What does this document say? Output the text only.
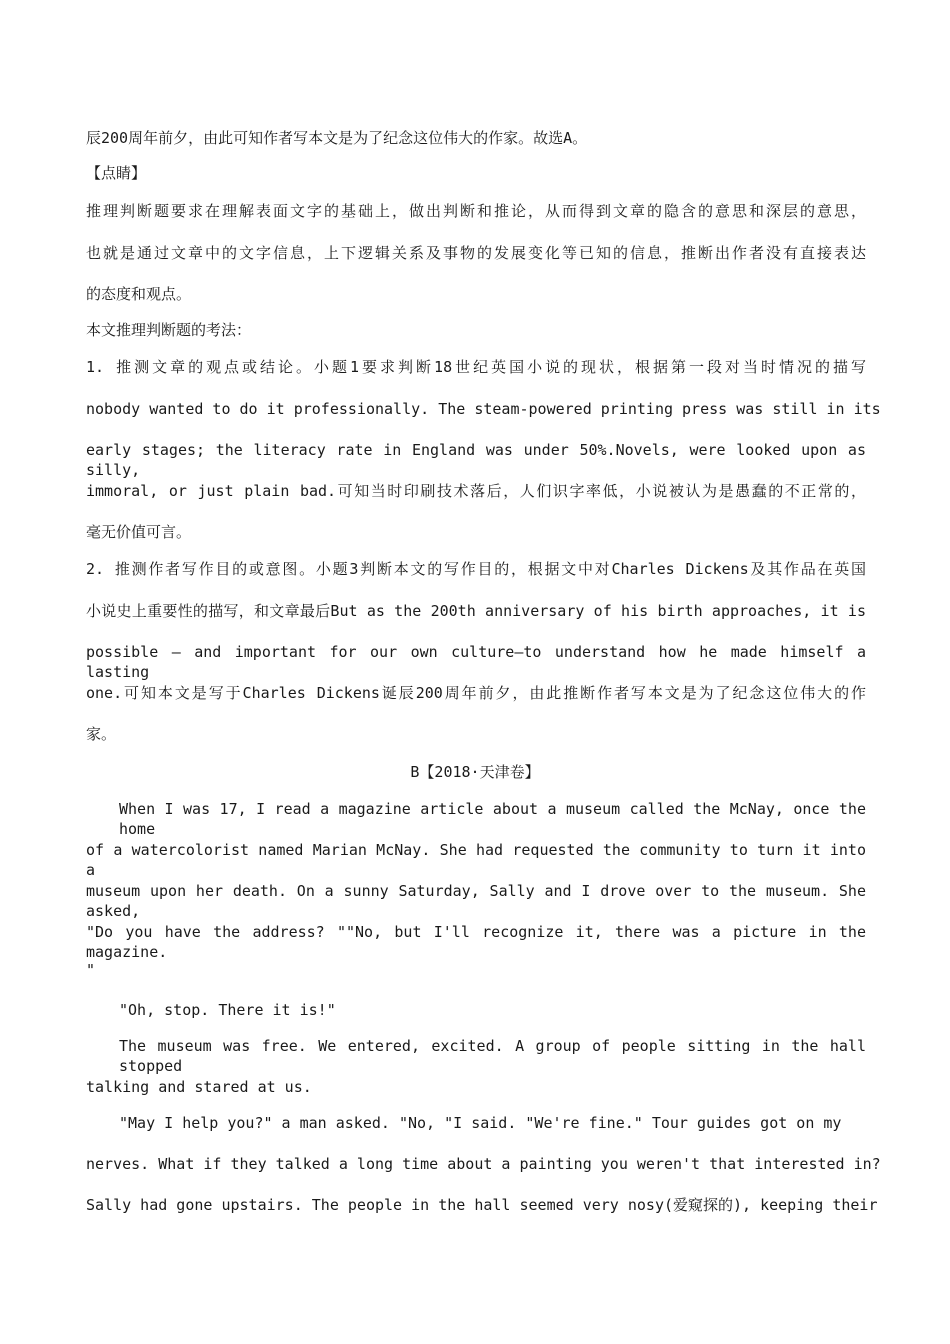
辰200周年前夕，由此可知作者写本文是为了纪念这位伟大的作家。故选A。
【点睛】
推理判断题要求在理解表面文字的基础上，做出判断和推论，从而得到文章的隐含的意思和深层的意思，
也就是通过文章中的文字信息，上下逻辑关系及事物的发展变化等已知的信息，推断出作者没有直接表达
的态度和观点。
本文推理判断题的考法：
1. 推测文章的观点或结论。小题1要求判断18世纪英国小说的现状，根据第一段对当时情况的描写
nobody wanted to do it professionally. The steam-powered printing press was still in its
early stages; the literacy rate in England was under 50%.Novels, were looked upon as silly,
immoral, or just plain bad.可知当时印刷技术落后，人们识字率低，小说被认为是愚蠢的不正常的，
毫无价值可言。
2. 推测作者写作目的或意图。小题3判断本文的写作目的，根据文中对Charles Dickens及其作品在英国
小说史上重要性的描写，和文章最后But as the 200th anniversary of his birth approaches, it is
possible — and important for our own culture—to understand how he made himself a lasting
one.可知本文是写于Charles Dickens诞辰200周年前夕，由此推断作者写本文是为了纪念这位伟大的作
家。
B【2018·天津卷】
When I was 17, I read a magazine article about a museum called the McNay, once the home
of a watercolorist named Marian McNay. She had requested the community to turn it into a
museum upon her death. On a sunny Saturday, Sally and I drove over to the museum. She asked,
"Do you have the address? ""No, but I'll recognize it, there was a picture in the magazine.
"
"Oh, stop. There it is!"
The museum was free. We entered, excited. A group of people sitting in the hall stopped
talking and stared at us.
"May I help you?" a man asked. "No, "I said. "We're fine." Tour guides got on my
nerves. What if they talked a long time about a painting you weren't that interested in?
Sally had gone upstairs. The people in the hall seemed very nosy(爱窥探的), keeping their
